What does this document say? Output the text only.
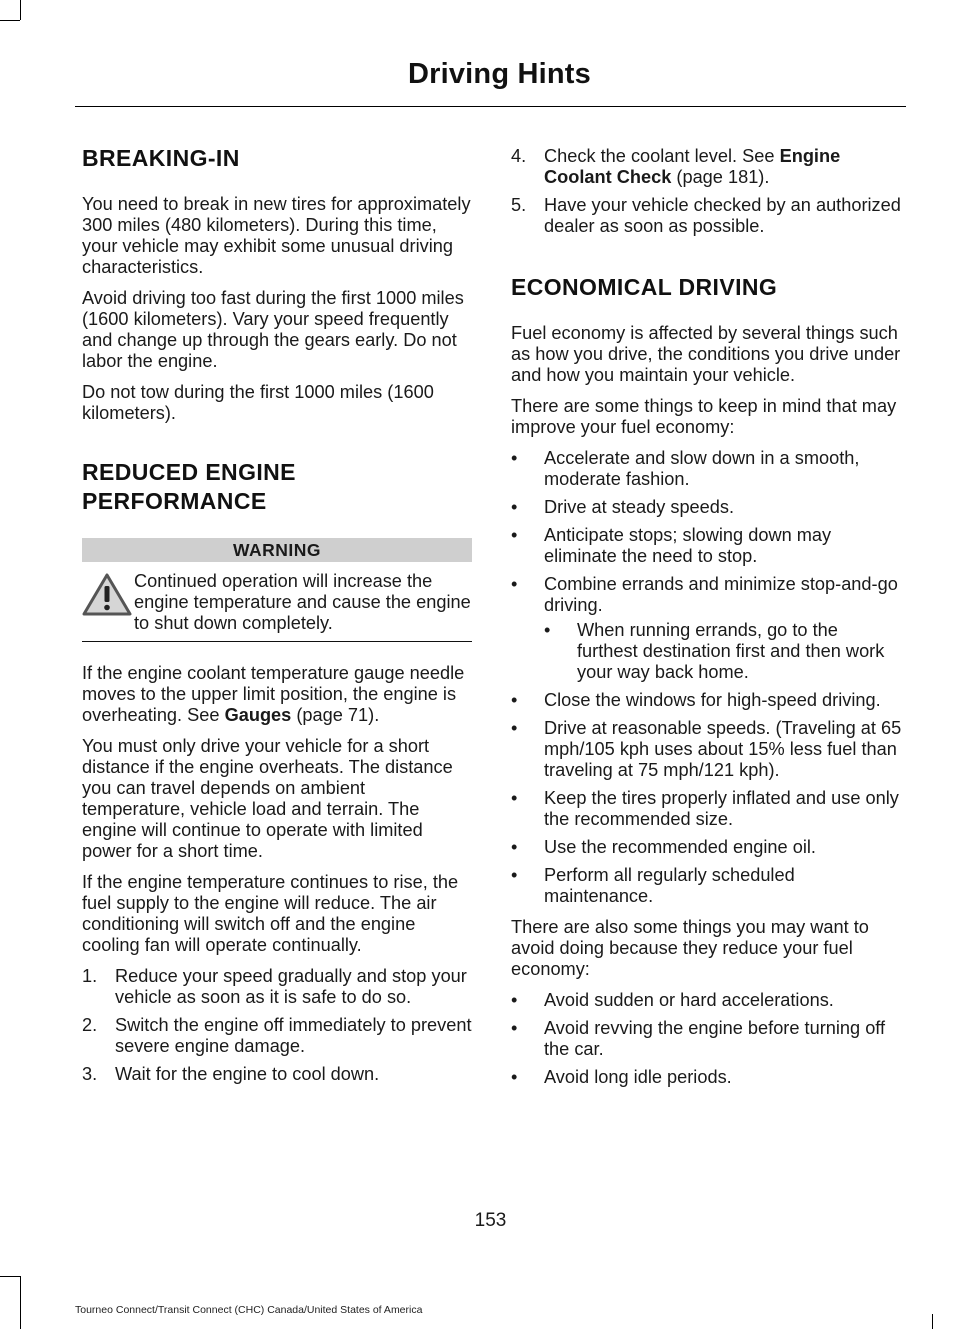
Driving Hints
BREAKING-IN

You need to break in new tires for approximately 300 miles (480 kilometers). During this time, your vehicle may exhibit some unusual driving characteristics.

Avoid driving too fast during the first 1000 miles (1600 kilometers). Vary your speed frequently and change up through the gears early. Do not labor the engine.

Do not tow during the first 1000 miles (1600 kilometers).

REDUCED ENGINE
PERFORMANCE
WARNING
Continued operation will increase the engine temperature and cause the engine to shut down completely.

If the engine coolant temperature gauge needle moves to the upper limit position, the engine is overheating. See Gauges (page 71).

You must only drive your vehicle for a short distance if the engine overheats. The distance you can travel depends on ambient temperature, vehicle load and terrain. The engine will continue to operate with limited power for a short time.

If the engine temperature continues to rise, the fuel supply to the engine will reduce. The air conditioning will switch off and the engine cooling fan will operate continually.

1. Reduce your speed gradually and stop your vehicle as soon as it is safe to do so.
2. Switch the engine off immediately to prevent severe engine damage.
3. Wait for the engine to cool down.
4. Check the coolant level. See Engine Coolant Check (page 181).
5. Have your vehicle checked by an authorized dealer as soon as possible.
ECONOMICAL DRIVING

Fuel economy is affected by several things such as how you drive, the conditions you drive under and how you maintain your vehicle.

There are some things to keep in mind that may improve your fuel economy:

•	Accelerate and slow down in a smooth, moderate fashion.
•	Drive at steady speeds.
•	Anticipate stops; slowing down may eliminate the need to stop.
•	Combine errands and minimize stop-and-go driving.
•	When running errands, go to the furthest destination first and then work your way back home.
•	Close the windows for high-speed driving.
•	Drive at reasonable speeds. (Traveling at 65 mph/105 kph uses about 15% less fuel than traveling at 75 mph/121 kph).
•	Keep the tires properly inflated and use only the recommended size.
•	Use the recommended engine oil.
•	Perform all regularly scheduled maintenance.

There are also some things you may want to avoid doing because they reduce your fuel economy:

•	Avoid sudden or hard accelerations.
•	Avoid revving the engine before turning off the car.
•	Avoid long idle periods.
153
Tourneo Connect/Transit Connect (CHC) Canada/United States of America
